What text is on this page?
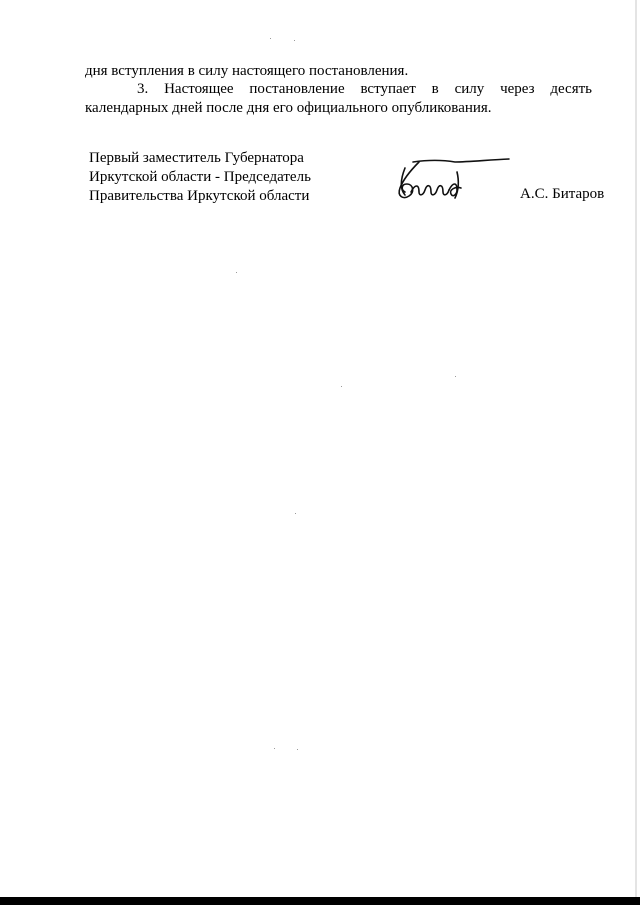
дня вступления в силу настоящего постановления.
3. Настоящее постановление вступает в силу через десять календарных дней после дня его официального опубликования.
Первый заместитель Губернатора
Иркутской области - Председатель
Правительства Иркутской области	А.С. Битаров
